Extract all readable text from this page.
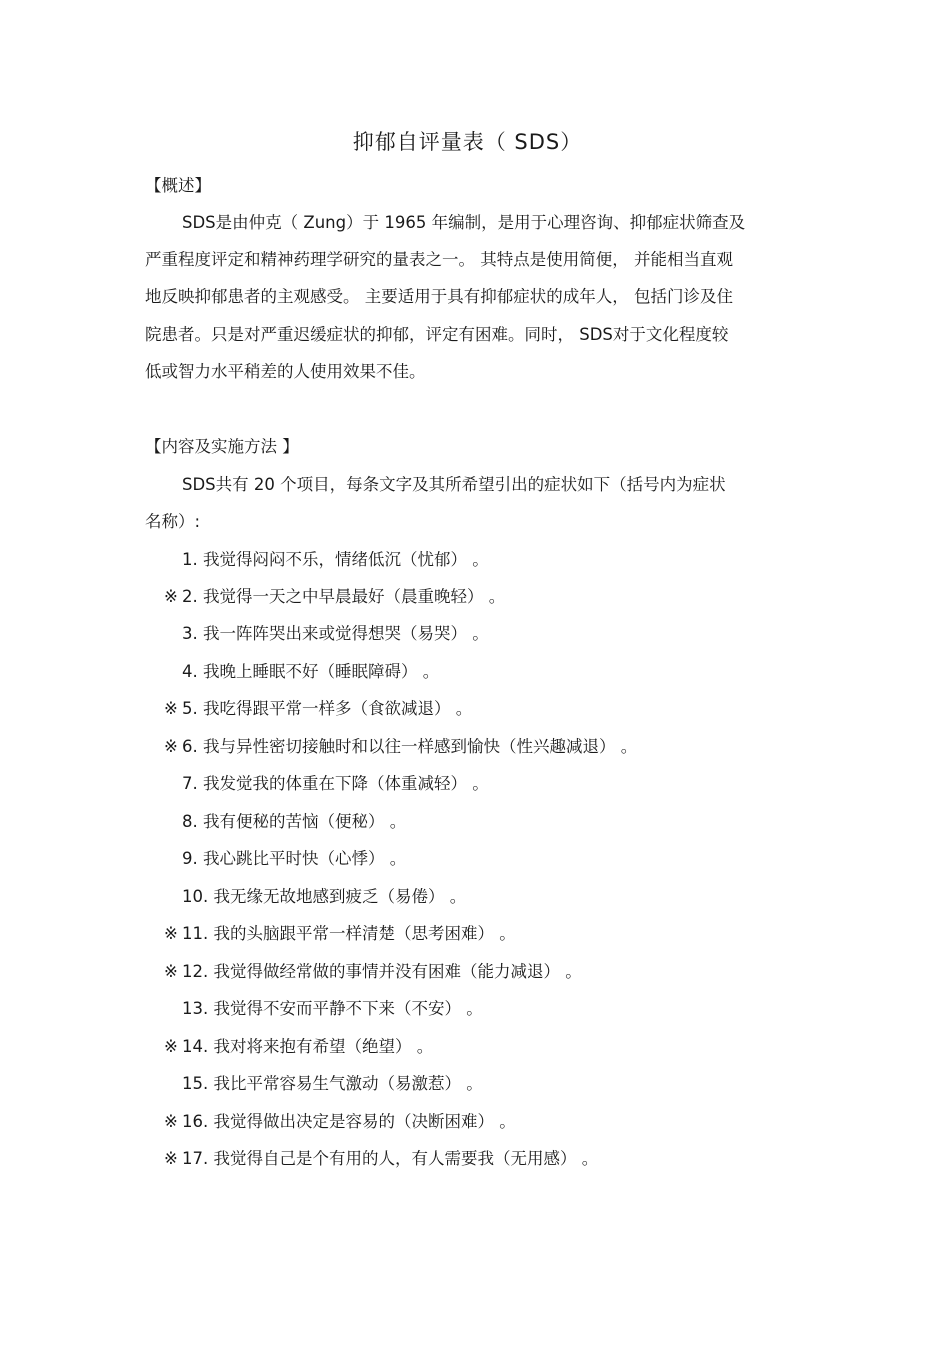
抑郁自评量表（ SDS）
【概述】
SDS是由仲克（ Zung）于 1965 年编制，是用于心理咨询、抑郁症状筛查及
严重程度评定和精神药理学研究的量表之一。 其特点是使用简便， 并能相当直观
地反映抑郁患者的主观感受。 主要适用于具有抑郁症状的成年人， 包括门诊及住
院患者。只是对严重迟缓症状的抑郁，评定有困难。同时， SDS对于文化程度较
低或智力水平稍差的人使用效果不佳。
【内容及实施方法 】
SDS共有 20 个项目，每条文字及其所希望引出的症状如下（括号内为症状
名称）:
1. 我觉得闷闷不乐，情绪低沉（忧郁） 。
※ 2. 我觉得一天之中早晨最好（晨重晚轻） 。
3. 我一阵阵哭出来或觉得想哭（易哭） 。
4. 我晚上睡眠不好（睡眠障碍） 。
※ 5. 我吃得跟平常一样多（食欲减退） 。
※ 6. 我与异性密切接触时和以往一样感到愉快（性兴趣减退） 。
7. 我发觉我的体重在下降（体重减轻） 。
8. 我有便秘的苦恼（便秘） 。
9. 我心跳比平时快（心悸） 。
10. 我无缘无故地感到疲乏（易倦） 。
※ 11. 我的头脑跟平常一样清楚（思考困难） 。
※ 12. 我觉得做经常做的事情并没有困难（能力减退） 。
13. 我觉得不安而平静不下来（不安） 。
※ 14. 我对将来抱有希望（绝望） 。
15. 我比平常容易生气激动（易激惹） 。
※ 16. 我觉得做出决定是容易的（决断困难） 。
※ 17. 我觉得自己是个有用的人，有人需要我（无用感） 。
